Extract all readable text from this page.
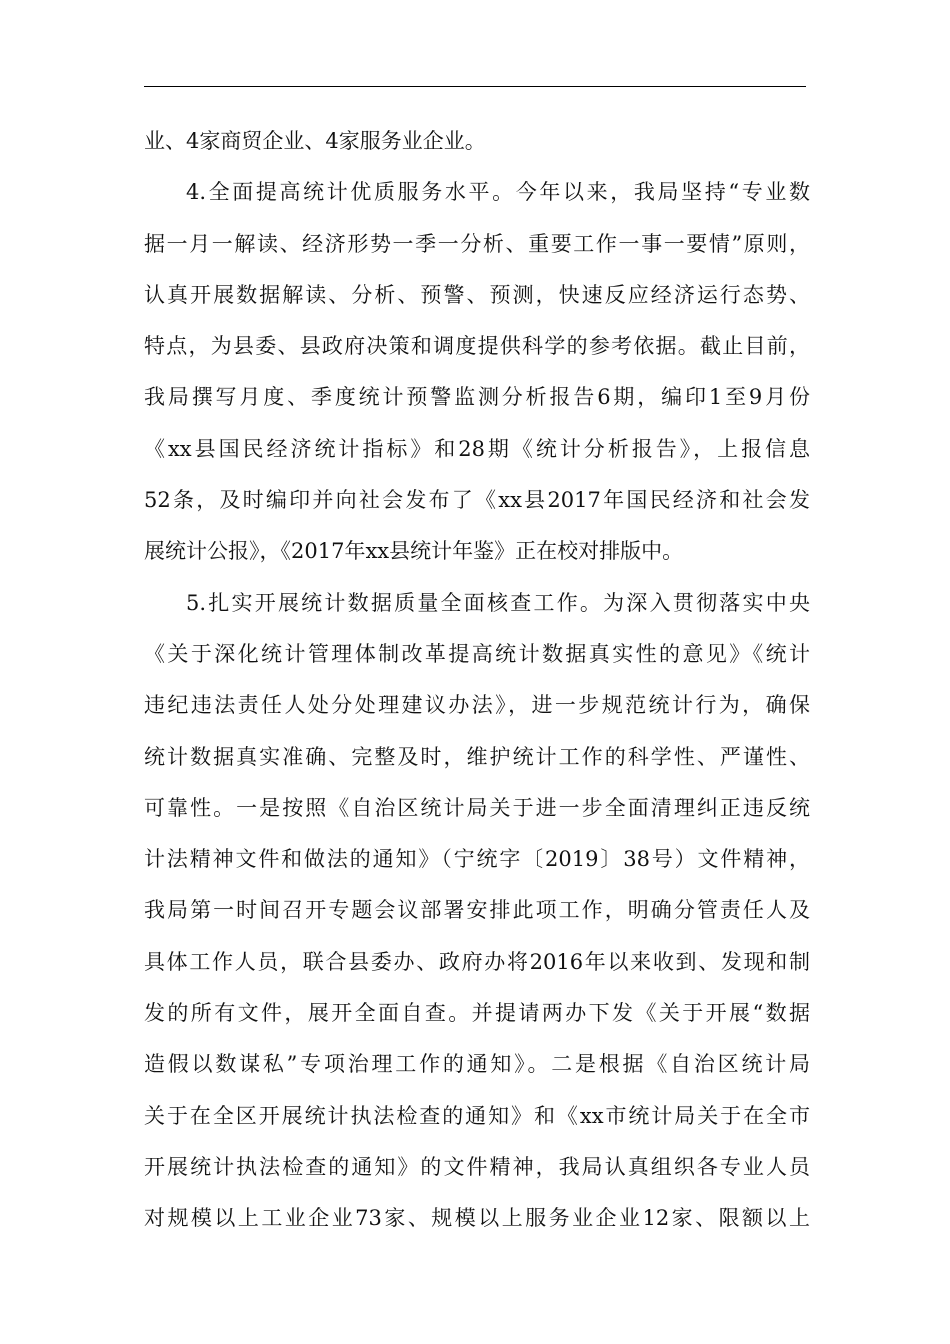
业、4家商贸企业、4家服务业企业。
4.全面提高统计优质服务水平。今年以来，我局坚持“专业数
据一月一解读、经济形势一季一分析、重要工作一事一要情”原则，
认真开展数据解读、分析、预警、预测，快速反应经济运行态势、
特点，为县委、县政府决策和调度提供科学的参考依据。截止目前，
我局撰写月度、季度统计预警监测分析报告6期，编印1至9月份
《xx县国民经济统计指标》和28期《统计分析报告》，上报信息
52条，及时编印并向社会发布了《xx县2017年国民经济和社会发
展统计公报》，《2017年xx县统计年鉴》正在校对排版中。
5.扎实开展统计数据质量全面核查工作。为深入贯彻落实中央
《关于深化统计管理体制改革提高统计数据真实性的意见》《统计
违纪违法责任人处分处理建议办法》，进一步规范统计行为，确保
统计数据真实准确、完整及时，维护统计工作的科学性、严谨性、
可靠性。一是按照《自治区统计局关于进一步全面清理纠正违反统
计法精神文件和做法的通知》（宁统字〔2019〕38号）文件精神，
我局第一时间召开专题会议部署安排此项工作，明确分管责任人及
具体工作人员，联合县委办、政府办将2016年以来收到、发现和制
发的所有文件，展开全面自查。并提请两办下发《关于开展“数据
造假以数谋私”专项治理工作的通知》。二是根据《自治区统计局
关于在全区开展统计执法检查的通知》和《xx市统计局关于在全市
开展统计执法检查的通知》的文件精神，我局认真组织各专业人员
对规模以上工业企业73家、规模以上服务业企业12家、限额以上
